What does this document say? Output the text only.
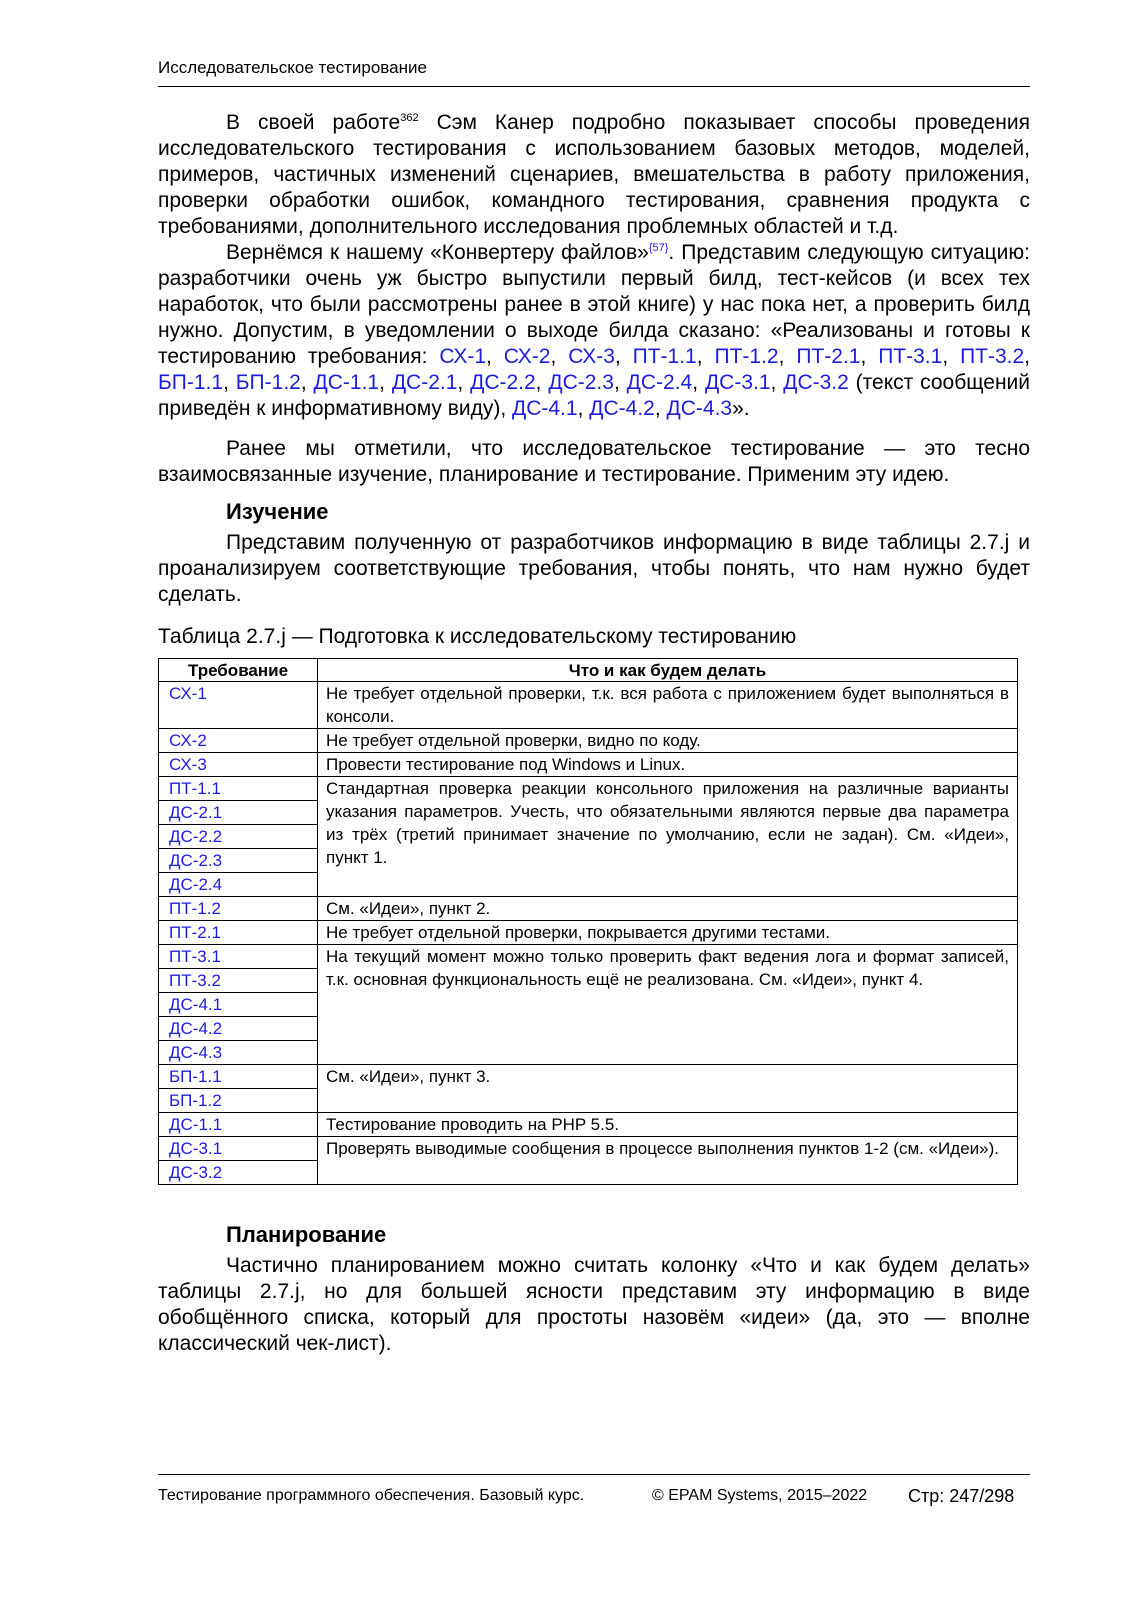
Исследовательское тестирование

В своей работе$^{362}$ Сэм Канер подробно показывает способы проведения исследовательского тестирования с использованием базовых методов, моделей, примеров, частичных изменений сценариев, вмешательства в работу приложения, проверки обработки ошибок, командного тестирования, сравнения продукта с требованиями, дополнительного исследования проблемных областей и т.д.

Вернёмся к нашему «Конвертеру файлов»$^{\{57\}}$. Представим следующую ситуацию: разработчики очень уж быстро выпустили первый билд, тест-кейсов (и всех тех наработок, что были рассмотрены ранее в этой книге) у нас пока нет, а проверить билд нужно. Допустим, в уведомлении о выходе билда сказано: «Реализованы и готовы к тестированию требования: СХ-1, СХ-2, СХ-3, ПТ-1.1, ПТ-1.2, ПТ-2.1, ПТ-3.1, ПТ-3.2, БП-1.1, БП-1.2, ДС-1.1, ДС-2.1, ДС-2.2, ДС-2.3, ДС-2.4, ДС-3.1, ДС-3.2 (текст сообщений приведён к информативному виду), ДС-4.1, ДС-4.2, ДС-4.3».

Ранее мы отметили, что исследовательское тестирование — это тесно взаимосвязанные изучение, планирование и тестирование. Применим эту идею.

Изучение

Представим полученную от разработчиков информацию в виде таблицы 2.7.j и проанализируем соответствующие требования, чтобы понять, что нам нужно будет сделать.

Таблица 2.7.j — Подготовка к исследовательскому тестированию
Требование	Что и как будем делать
СХ-1	Не требует отдельной проверки, т.к. вся работа с приложением будет выполняться в консоли.
СХ-2	Не требует отдельной проверки, видно по коду.
СХ-3	Провести тестирование под Windows и Linux.
ПТ-1.1	Стандартная проверка реакции консольного приложения на различные варианты указания параметров. Учесть, что обязательными являются первые два параметра из трёх (третий принимает значение по умолчанию, если не задан). См. «Идеи», пункт 1.
ДС-2.1	
ДС-2.2	
ДС-2.3	
ДС-2.4	
ПТ-1.2	См. «Идеи», пункт 2.
ПТ-2.1	Не требует отдельной проверки, покрывается другими тестами.
ПТ-3.1	На текущий момент можно только проверить факт ведения лога и формат записей, т.к. основная функциональность ещё не реализована. См. «Идеи», пункт 4.
ПТ-3.2	
ДС-4.1	
ДС-4.2	
ДС-4.3	
БП-1.1	См. «Идеи», пункт 3.
БП-1.2	
ДС-1.1	Тестирование проводить на PHP 5.5.
ДС-3.1	Проверять выводимые сообщения в процессе выполнения пунктов 1-2 (см. «Идеи»).
ДС-3.2	
Планирование

Частично планированием можно считать колонку «Что и как будем делать» таблицы 2.7.j, но для большей ясности представим эту информацию в виде обобщённого списка, который для простоты назовём «идеи» (да, это — вполне классический чек-лист).

Тестирование программного обеспечения. Базовый курс.	© EPAM Systems, 2015–2022	Стр: 247/298
